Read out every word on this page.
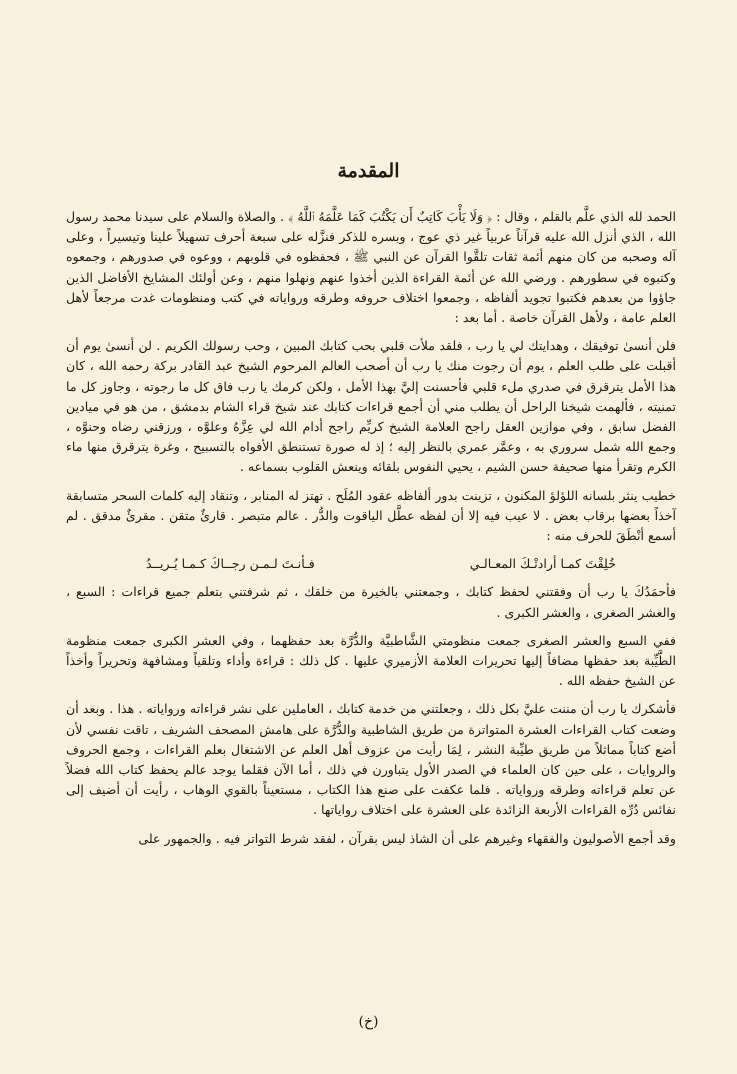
المقدمة

الحمد لله الذي علَّم بالقلم ، وقال : ﴿ وَلَا يَأْبَ كَاتِبٌ أَن يَكْتُبَ كَمَا عَلَّمَهُ ٱللَّهُ ﴾ . والصلاة والسلام على سيدنا محمد رسول الله ، الذي أنزل الله عليه قرآناً عربياً غير ذي عوج ، وبسره للذكر فنزَّله على سبعة أحرف تسهيلاً علينا وتيسيراً ، وعلى آله وصحبه من كان منهم أئمة ثقات تلقَّوا القرآن عن النبي ﷺ ، فحفظوه في قلوبهم ، ووعوه في صدورهم ، وجمعوه وكتبوه في سطورهم . ورضي الله عن أئمة القراءة الذين أخذوا عنهم ونهلوا منهم ، وعن أولئك المشايخ الأفاضل الذين جاؤوا من بعدهم فكتبوا تجويد ألفاظه ، وجمعوا اختلاف حروفه وطرقه ورواياته في كتب ومنظومات غدت مرجعاً لأهل العلم عامة ، ولأهل القرآن خاصة . أما بعد :

فلن أنسىٰ توفيقك ، وهدايتك لي يا رب ، فلقد ملأت قلبي بحب كتابك المبين ، وحب رسولك الكريم . لن أنسىٰ يوم أن أقبلت على طلب العلم ، يوم أن رجوت منك يا رب أن أصحب العالم المرحوم الشيخ عبد القادر بركة رحمه الله ، كان هذا الأمل يترقرق في صدري ملء قلبي فأحسنت إليَّ بهذا الأمل ، ولكن كرمك يا رب فاق كل ما رجوته ، وجاوز كل ما تمنيته ، فألهمت شيخنا الراحل أن يطلب مني أن أجمع قراءات كتابك عند شيخ قراء الشام بدمشق ، من هو في ميادين الفضل سابق ، وفي موازين العقل راجح العلامة الشيخ كريِّم راجح أدام الله لي عِزَّهُ وعلوَّه ، ورزقني رضاه وحنوَّه ، وجمع الله شمل سروري به ، وعمَّر عمري بالنظر إليه ؛ إذ له صورة تستنطق الأفواه بالتسبيح ، وغرة يترقرق منها ماء الكرم وتقرأ منها صحيفة حسن الشيم ، يحيي النفوس بلقائه وينعش القلوب بسماعه .

خطيب ينثر بلسانه اللؤلؤ المكنون ، تزينت بدور ألفاظه عقود المُلَح . تهتز له المنابر ، وتنقاد إليه كلمات السحر متسابقة آخذاً بعضها برقاب بعض . لا عيب فيه إلا أن لفظه عطَّل الياقوت والدُّر . عالم متبصر . قارئٌ متقن . مقرئٌ مدقق . لم أسمع أنْطَقَ للحرف منه :

خُلِقْتَ كمـا أرادتْـكَ المعـالـي
فـأنـتَ لـمـن رجــاكَ كـمـا يُـريــدُ

فأحمَدُكَ يا رب أن وفقتني لحفظ كتابك ، وجمعتني بالخيرة من خلقك ، ثم شرفتني بتعلم جميع قراءات : السبع ، والعشر الصغرى ، والعشر الكبرى .

ففي السبع والعشر الصغرى جمعت منظومتي الشَّاطبيَّة والدُّرَّة بعد حفظهما ، وفي العشر الكبرى جمعت منظومة الطَّيِّبة بعد حفظها مضافاً إليها تحريرات العلامة الأزميري عليها . كل ذلك : قراءة وأداء وتلقياً ومشافهة وتحريراً وأخذاً عن الشيخ حفظه الله .

فأشكرك يا رب أن مننت عليَّ بكل ذلك ، وجعلتني من خدمة كتابك ، العاملين على نشر قراءاته ورواياته . هذا . وبعد أن وضعت كتاب القراءات العشرة المتواترة من طريق الشاطبية والدُّرَّة على هامش المصحف الشريف ، تاقت نفسي لأن أضع كتاباً مماثلاً من طريق طيِّبة النشر ، لِمَا رأيت من عزوف أهل العلم عن الاشتغال بعلم القراءات ، وجمع الحروف والروايات ، على حين كان العلماء في الصدر الأول يتباورن في ذلك ، أما الآن فقلما يوجد عالم يحفظ كتاب الله فضلاً عن تعلم قراءاته وطرقه ورواياته . فلما عكفت على صنع هذا الكتاب ، مستعيناً بالقوي الوهاب ، رأيت أن أضيف إلى نفائس دُرِّه القراءات الأربعة الزائدة على العشرة على اختلاف رواياتها .

وقد أجمع الأصوليون والفقهاء وغيرهم على أن الشاذ ليس بقرآن ، لفقد شرط التواتر فيه . والجمهور على

(خ)
